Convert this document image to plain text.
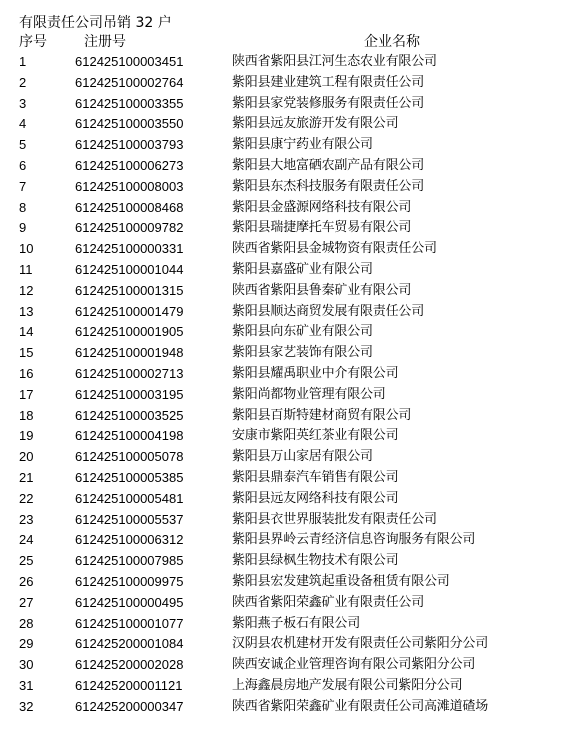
有限责任公司吊销 32 户
序号	注册号	企业名称
1	612425100003451	陕西省紫阳县江河生态农业有限公司
2	612425100002764	紫阳县建业建筑工程有限责任公司
3	612425100003355	紫阳县家党装修服务有限责任公司
4	612425100003550	紫阳县远友旅游开发有限公司
5	612425100003793	紫阳县康宁药业有限公司
6	612425100006273	紫阳县大地富硒农副产品有限公司
7	612425100008003	紫阳县东杰科技服务有限责任公司
8	612425100008468	紫阳县金盛源网络科技有限公司
9	612425100009782	紫阳县瑞捷摩托车贸易有限公司
10	612425100000331	陕西省紫阳县金城物资有限责任公司
11	612425100001044	紫阳县嘉盛矿业有限公司
12	612425100001315	陕西省紫阳县鲁秦矿业有限公司
13	612425100001479	紫阳县顺达商贸发展有限责任公司
14	612425100001905	紫阳县向东矿业有限公司
15	612425100001948	紫阳县家艺装饰有限公司
16	612425100002713	紫阳县耀禹职业中介有限公司
17	612425100003195	紫阳尚都物业管理有限公司
18	612425100003525	紫阳县百斯特建材商贸有限公司
19	612425100004198	安康市紫阳英红茶业有限公司
20	612425100005078	紫阳县万山家居有限公司
21	612425100005385	紫阳县鼎泰汽车销售有限公司
22	612425100005481	紫阳县远友网络科技有限公司
23	612425100005537	紫阳县衣世界服装批发有限责任公司
24	612425100006312	紫阳县界岭云青经济信息咨询服务有限公司
25	612425100007985	紫阳县绿枫生物技术有限公司
26	612425100009975	紫阳县宏发建筑起重设备租赁有限公司
27	612425100000495	陕西省紫阳荣鑫矿业有限责任公司
28	612425100001077	紫阳燕子板石有限公司
29	612425200001084	汉阴县农机建材开发有限责任公司紫阳分公司
30	612425200002028	陕西安诚企业管理咨询有限公司紫阳分公司
31	612425200001121	上海鑫晨房地产发展有限公司紫阳分公司
32	612425200000347	陕西省紫阳荣鑫矿业有限责任公司高滩道碴场
